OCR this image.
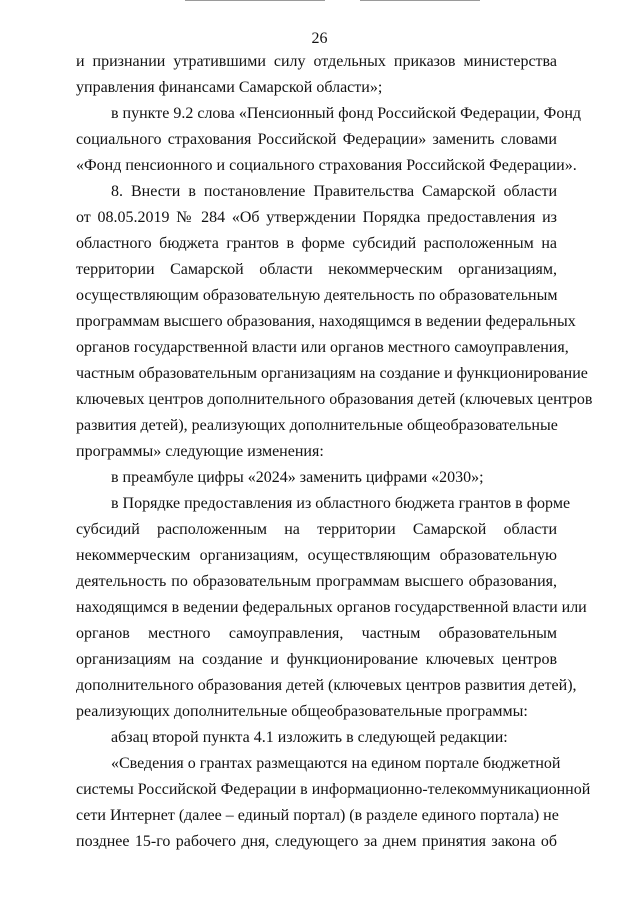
26
и признании утратившими силу отдельных приказов министерства
управления финансами Самарской области»;
в пункте 9.2 слова «Пенсионный фонд Российской Федерации, Фонд
социального страхования Российской Федерации» заменить словами
«Фонд пенсионного и социального страхования Российской Федерации».
8. Внести в постановление Правительства Самарской области
от 08.05.2019 № 284 «Об утверждении Порядка предоставления из
областного бюджета грантов в форме субсидий расположенным на
территории Самарской области некоммерческим организациям,
осуществляющим образовательную деятельность по образовательным
программам высшего образования, находящимся в ведении федеральных
органов государственной власти или органов местного самоуправления,
частным образовательным организациям на создание и функционирование
ключевых центров дополнительного образования детей (ключевых центров
развития детей), реализующих дополнительные общеобразовательные
программы» следующие изменения:
в преамбуле цифры «2024» заменить цифрами «2030»;
в Порядке предоставления из областного бюджета грантов в форме
субсидий расположенным на территории Самарской области
некоммерческим организациям, осуществляющим образовательную
деятельность по образовательным программам высшего образования,
находящимся в ведении федеральных органов государственной власти или
органов местного самоуправления, частным образовательным
организациям на создание и функционирование ключевых центров
дополнительного образования детей (ключевых центров развития детей),
реализующих дополнительные общеобразовательные программы:
абзац второй пункта 4.1 изложить в следующей редакции:
«Сведения о грантах размещаются на едином портале бюджетной
системы Российской Федерации в информационно-телекоммуникационной
сети Интернет (далее – единый портал) (в разделе единого портала) не
позднее 15-го рабочего дня, следующего за днем принятия закона об
